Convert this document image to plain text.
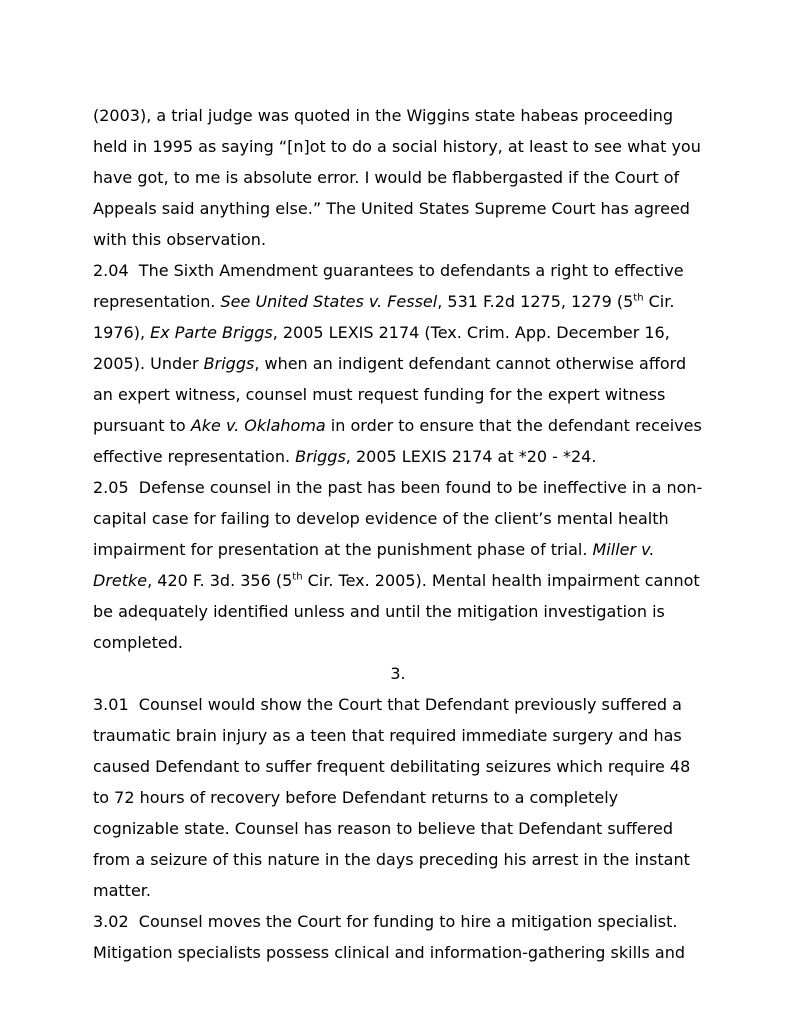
(2003), a trial judge was quoted in the Wiggins state habeas proceeding held in 1995 as saying “[n]ot to do a social history, at least to see what you have got, to me is absolute error. I would be flabbergasted if the Court of Appeals said anything else.” The United States Supreme Court has agreed with this observation.

2.04 The Sixth Amendment guarantees to defendants a right to effective representation. See United States v. Fessel, 531 F.2d 1275, 1279 (5th Cir. 1976), Ex Parte Briggs, 2005 LEXIS 2174 (Tex. Crim. App. December 16, 2005). Under Briggs, when an indigent defendant cannot otherwise afford an expert witness, counsel must request funding for the expert witness pursuant to Ake v. Oklahoma in order to ensure that the defendant receives effective representation. Briggs, 2005 LEXIS 2174 at *20 - *24.

2.05 Defense counsel in the past has been found to be ineffective in a non-capital case for failing to develop evidence of the client’s mental health impairment for presentation at the punishment phase of trial. Miller v. Dretke, 420 F. 3d. 356 (5th Cir. Tex. 2005). Mental health impairment cannot be adequately identified unless and until the mitigation investigation is completed.

3.

3.01 Counsel would show the Court that Defendant previously suffered a traumatic brain injury as a teen that required immediate surgery and has caused Defendant to suffer frequent debilitating seizures which require 48 to 72 hours of recovery before Defendant returns to a completely cognizable state. Counsel has reason to believe that Defendant suffered from a seizure of this nature in the days preceding his arrest in the instant matter.

3.02 Counsel moves the Court for funding to hire a mitigation specialist. Mitigation specialists possess clinical and information-gathering skills and
